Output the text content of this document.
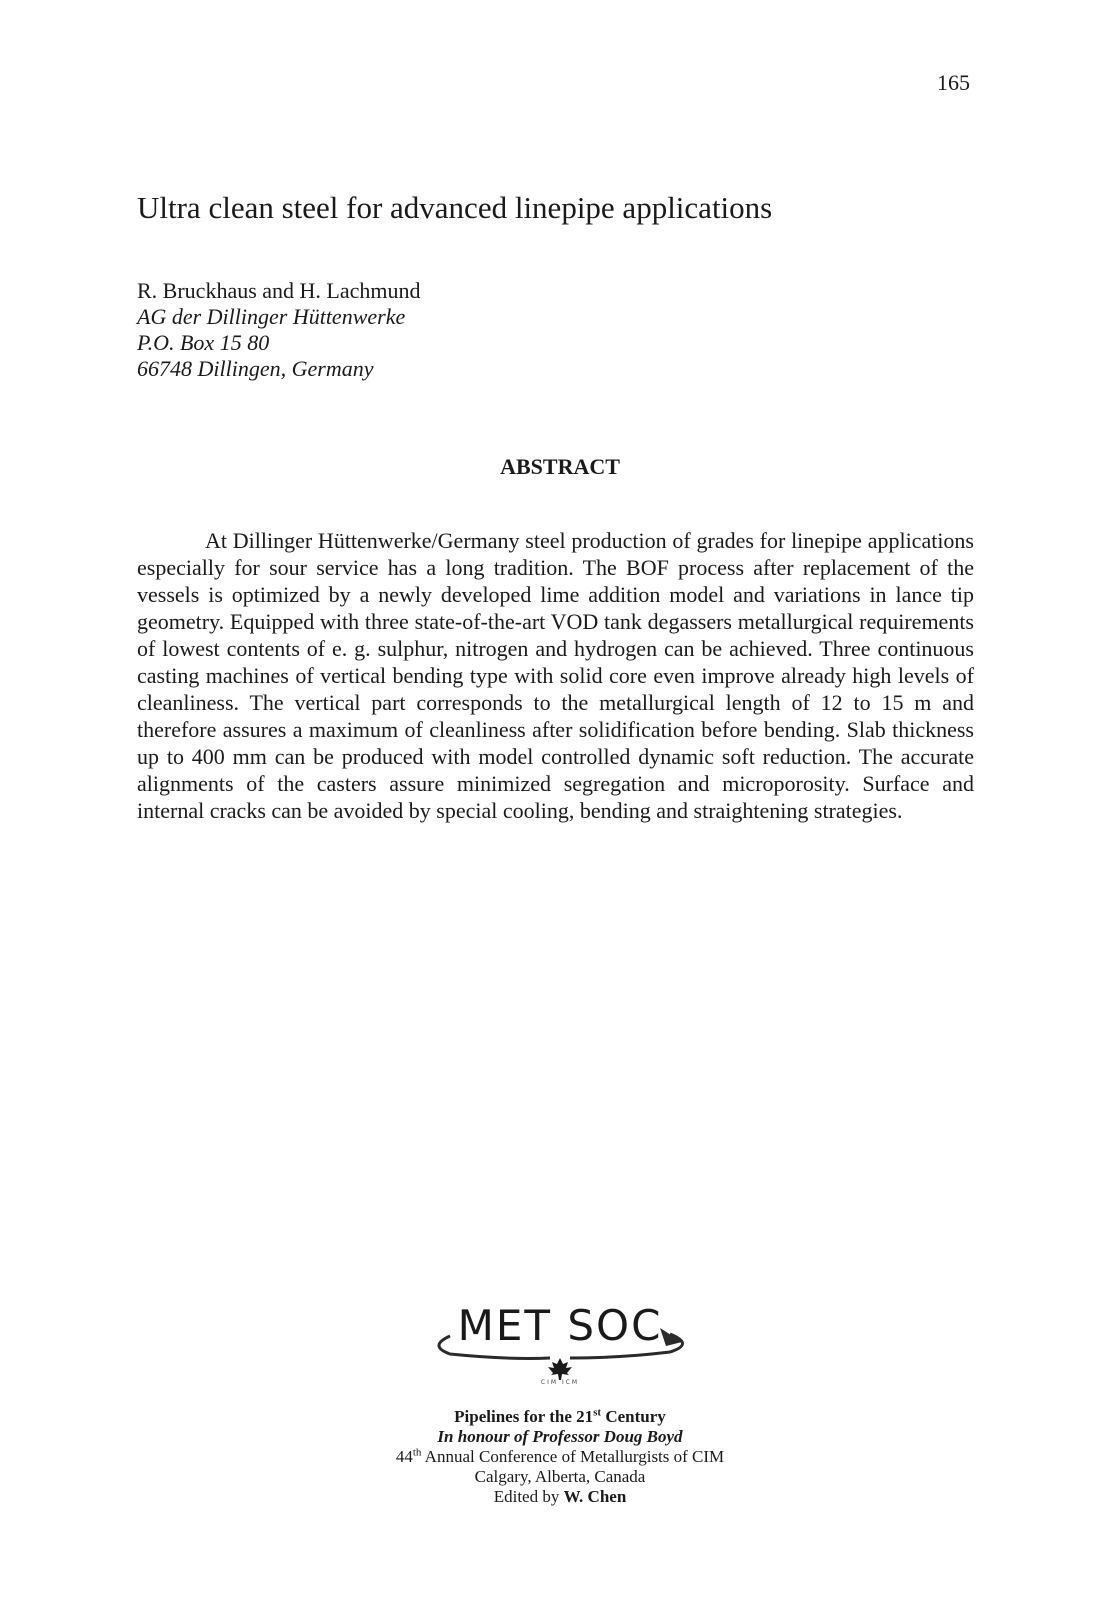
165
Ultra clean steel for advanced linepipe applications
R. Bruckhaus and H. Lachmund
AG der Dillinger Hüttenwerke
P.O. Box 15 80
66748 Dillingen, Germany
ABSTRACT

At Dillinger Hüttenwerke/Germany steel production of grades for linepipe applications especially for sour service has a long tradition. The BOF process after replacement of the vessels is optimized by a newly developed lime addition model and variations in lance tip geometry. Equipped with three state-of-the-art VOD tank degassers metallurgical requirements of lowest contents of e. g. sulphur, nitrogen and hydrogen can be achieved. Three continuous casting machines of vertical bending type with solid core even improve already high levels of cleanliness. The vertical part corresponds to the metallurgical length of 12 to 15 m and therefore assures a maximum of cleanliness after solidification before bending. Slab thickness up to 400 mm can be produced with model controlled dynamic soft reduction. The accurate alignments of the casters assure minimized segregation and microporosity. Surface and internal cracks can be avoided by special cooling, bending and straightening strategies.

MET SOC
CIM ICM
Pipelines for the 21st Century
In honour of Professor Doug Boyd
44th Annual Conference of Metallurgists of CIM
Calgary, Alberta, Canada
Edited by W. Chen
